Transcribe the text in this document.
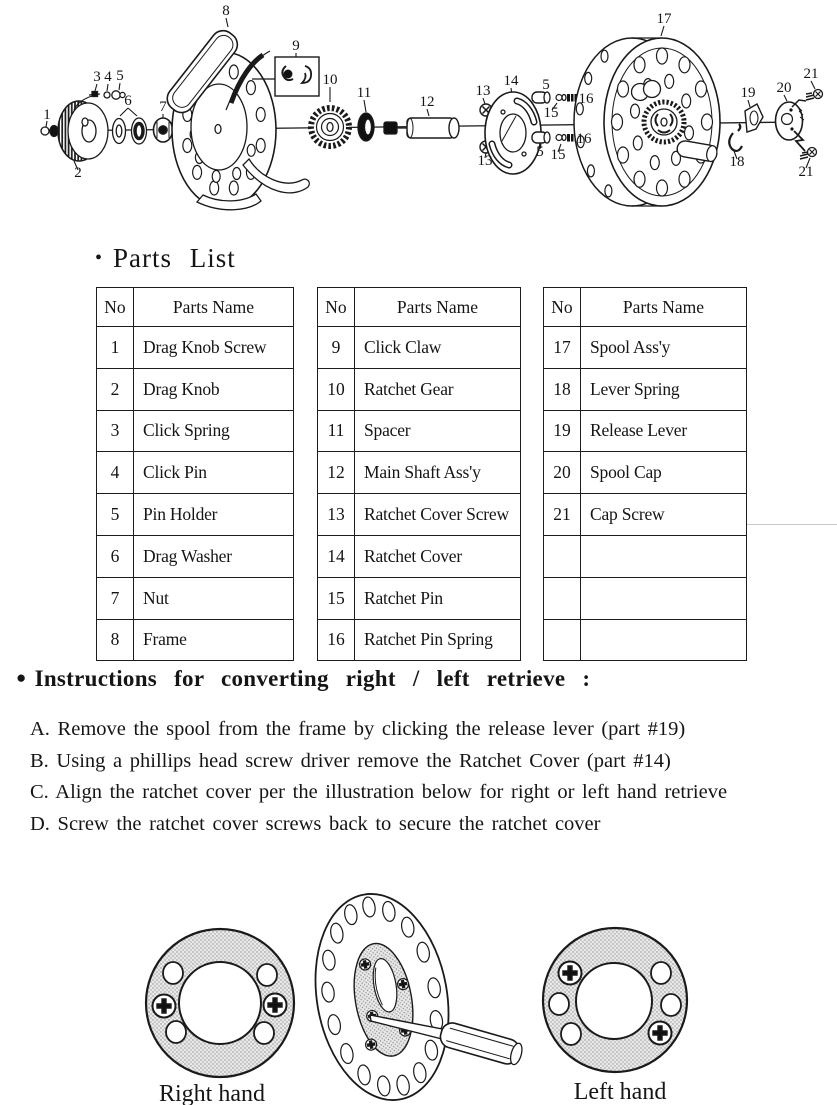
1
2
3 4 5
6 7
8
9
10
11
12
13
14 5
15
16
5 15
16
13
17
18
19 20
21
21
• Parts List
No	Parts Name
1	Drag Knob Screw
2	Drag Knob
3	Click Spring
4	Click Pin
5	Pin Holder
6	Drag Washer
7	Nut
8	Frame
No	Parts Name
9	Click Claw
10	Ratchet Gear
11	Spacer
12	Main Shaft Ass'y
13	Ratchet Cover Screw
14	Ratchet Cover
15	Ratchet Pin
16	Ratchet Pin Spring
No	Parts Name
17	Spool Ass'y
18	Lever Spring
19	Release Lever
20	Spool Cap
21	Cap Screw

● Instructions for converting right / left retrieve :

A. Remove the spool from the frame by clicking the release lever (part #19)

B. Using a phillips head screw driver remove the Ratchet Cover (part #14)

C. Align the ratchet cover per the illustration below for right or left hand retrieve

D. Screw the ratchet cover screws back to secure the ratchet cover

Right hand	Left hand
